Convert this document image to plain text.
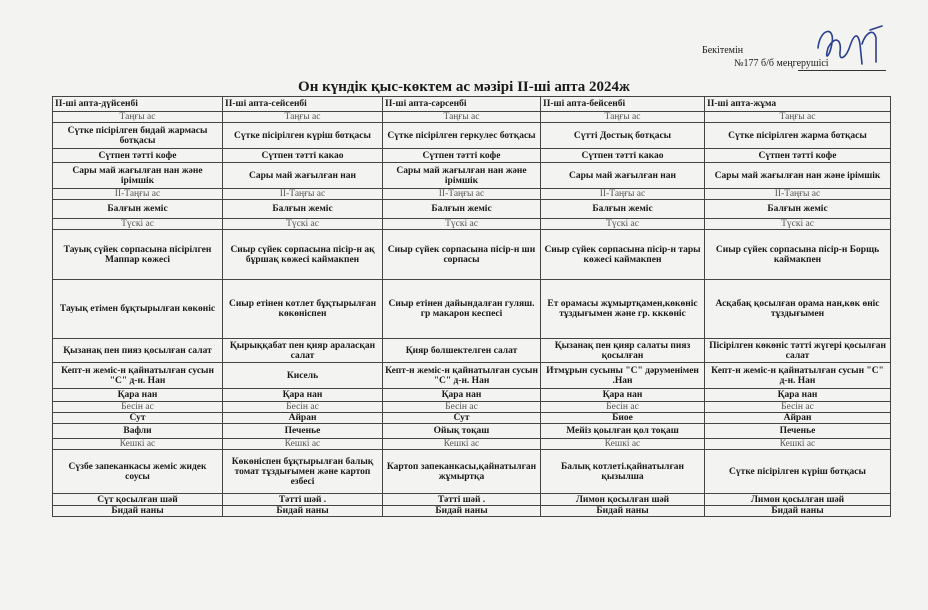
Бекітемін
№177 б/б меңгерушісі
Он күндік қыс-көктем ас мәзірі ІІ-ші апта 2024ж
ІІ-ші апта-дүйсенбі	ІІ-ші апта-сейсенбі	ІІ-ші апта-сәрсенбі	ІІ-ші апта-бейсенбі	ІІ-ші апта-жұма
Таңғы ас	Таңғы ас	Таңғы ас	Таңғы ас	Таңғы ас
Сүтке пісірілген бидай жармасы ботқасы	Сүтке пісірілген күріш ботқасы	Сүтке пісірілген геркулес ботқасы	Сүтті Достық ботқасы	Сүтке пісірілген жарма ботқасы
Сүтпен тәтті кофе	Сүтпен тәтті какао	Сүтпен тәтті кофе	Сүтпен тәтті какао	Сүтпен тәтті кофе
Сары май жағылған нан және ірімшік	Сары май жағылған нан	Сары май жағылған нан және ірімшік	Сары май жағылған нан	Сары май жағылған нан және ірімшік
ІІ-Таңғы ас	ІІ-Таңғы ас	ІІ-Таңғы ас	ІІ-Таңғы ас	ІІ-Таңғы ас
Балғын жеміс	Балғын жеміс	Балғын жеміс	Балғын жеміс	Балғын жеміс
Түскі ас	Түскі ас	Түскі ас	Түскі ас	Түскі ас
Тауық сүйек сорпасына пісірілген Маппар көжесі	Сиыр сүйек сорпасына пісір-н ақ бұршақ көжесі каймакпен	Сиыр сүйек сорпасына пісір-н ши сорпасы	Сиыр сүйек сорпасына пісір-н тары көжесі каймакпен	Сиыр сүйек сорпасына пісір-н Борщь каймакпен
Тауық етімен бұқтырылған көкөніс	Сиыр етінен котлет бұқтырылған көкөніспен	Сиыр етінен дайындалған гуляш. гр макарон кеспесі	Ет орамасы жұмыртқамен,көкөніс тұздығымен және гр. кккөніс	Асқабақ қосылған орама нан,көк өніс тұздығымен
Қызанақ пен пияз қосылған салат	Қырыққабат пен қияр араласқан салат	Қияр болшектелген салат	Қызанақ пен қияр салаты пияз қосылған	Пісірілген көкөніс тәтті жүгері қосылған салат
Кепт-н жеміс-н қайнатылған сусын "С" д-н. Нан	Кисель	Кепт-н жеміс-н қайнатылған сусын "С" д-н. Нан	Итмұрын сусыны "С" дәруменімен .Нан	Кепт-н жеміс-н қайнатылған сусын "С" д-н. Нан
Қара нан	Қара нан	Қара нан	Қара нан	Қара нан
Бесін ас	Бесін ас	Бесін ас	Бесін ас	Бесін ас
Сут	Айран	Сут	Биое	Айран
Вафли	Печенье	Ойық тоқаш	Мейіз қоылған қол тоқаш	Печенье
Кешкі ас	Кешкі ас	Кешкі ас	Кешкі ас	Кешкі ас
Сүзбе запеканкасы жеміс жидек соусы	Көкөніспен бұқтырылған балық томат тұздығымен және картоп езбесі	Картоп запеканкасы,қайнатылған жұмыртқа	Балық котлеті.қайнатылған қызылша	Сүтке пісірілген күріш ботқасы
Сүт қосылған шәй	Тәтті шәй .	Тәтті шәй .	Лимон қосылған шәй	Лимон қосылған шәй
Бидай наны	Бидай наны	Бидай наны	Бидай наны	Бидай наны
